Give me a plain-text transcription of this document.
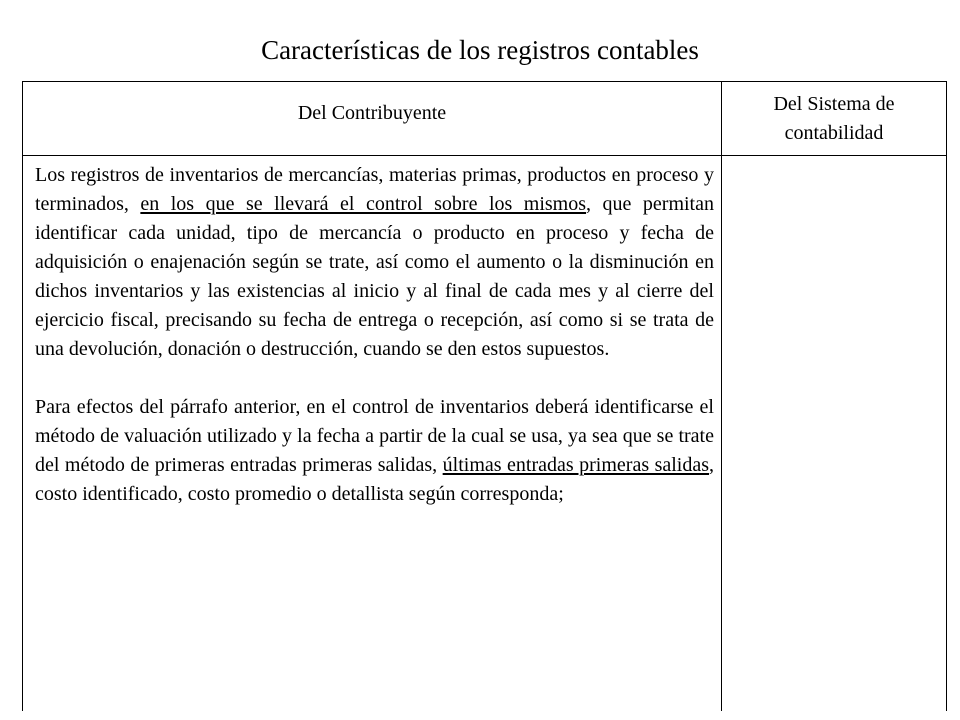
Características de los registros contables
Del Contribuyente	Del Sistema de contabilidad

Los registros de inventarios de mercancías, materias primas, productos en proceso y terminados, en los que se llevará el control sobre los mismos, que permitan identificar cada unidad, tipo de mercancía o producto en proceso y fecha de adquisición o enajenación según se trate, así como el aumento o la disminución en dichos inventarios y las existencias al inicio y al final de cada mes y al cierre del ejercicio fiscal, precisando su fecha de entrega o recepción, así como si se trata de una devolución, donación o destrucción, cuando se den estos supuestos.

Para efectos del párrafo anterior, en el control de inventarios deberá identificarse el método de valuación utilizado y la fecha a partir de la cual se usa, ya sea que se trate del método de primeras entradas primeras salidas, últimas entradas primeras salidas, costo identificado, costo promedio o detallista según corresponda;
